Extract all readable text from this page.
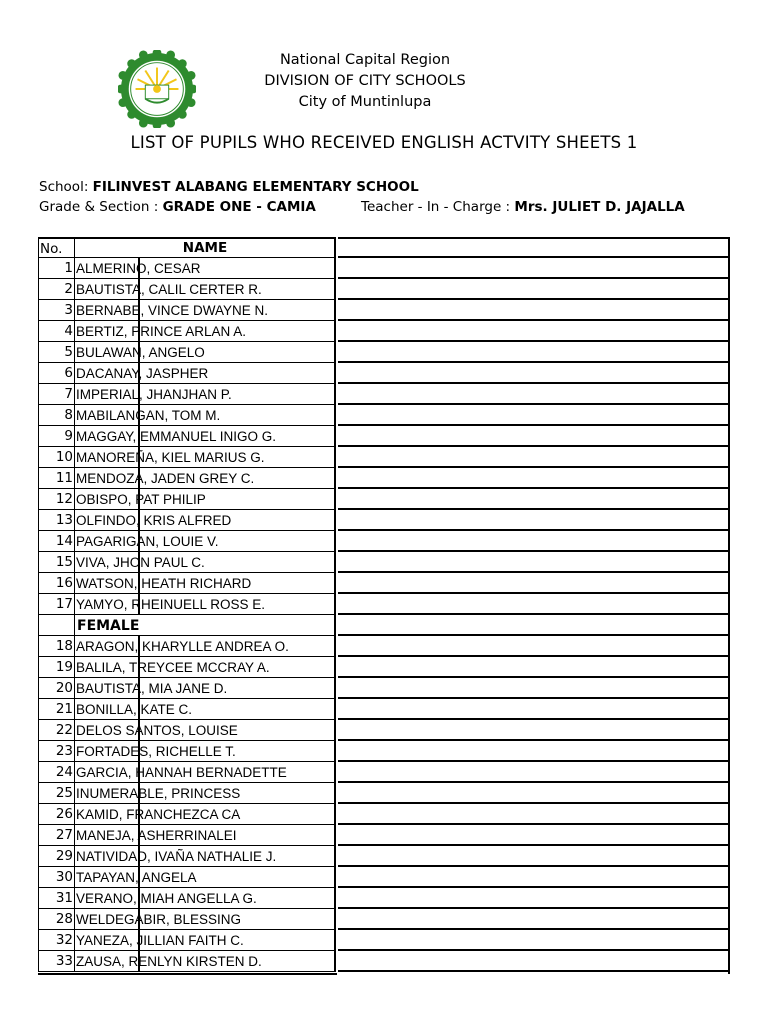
National Capital Region
DIVISION OF CITY SCHOOLS
City of Muntinlupa
LIST OF PUPILS WHO RECEIVED ENGLISH ACTVITY SHEETS 1
School: FILINVEST ALABANG ELEMENTARY SCHOOL
Grade & Section : GRADE ONE - CAMIA	Teacher - In - Charge : Mrs. JULIET D. JAJALLA
No.	NAME
1 ALMERINO, CESAR
2 BAUTISTA, CALIL CERTER R.
3 BERNABE, VINCE DWAYNE N.
4 BERTIZ, PRINCE ARLAN A.
5 BULAWAN, ANGELO
6 DACANAY, JASPHER
7 IMPERIAL, JHANJHAN P.
8 MABILANGAN, TOM M.
9 MAGGAY, EMMANUEL INIGO G.
10 MANOREÑA, KIEL MARIUS G.
11 MENDOZA, JADEN GREY C.
12 OBISPO, PAT PHILIP
13 OLFINDO, KRIS ALFRED
14 PAGARIGAN, LOUIE V.
15 VIVA, JHON PAUL C.
16 WATSON, HEATH RICHARD
17 YAMYO, RHEINUELL ROSS E.
FEMALE
18 ARAGON, KHARYLLE ANDREA O.
19 BALILA, TREYCEE MCCRAY A.
20 BAUTISTA, MIA JANE D.
21 BONILLA, KATE C.
22 DELOS SANTOS, LOUISE
23 FORTADES, RICHELLE T.
24 GARCIA, HANNAH BERNADETTE
25 INUMERABLE, PRINCESS
26 KAMID, FRANCHEZCA CA
27 MANEJA, ASHERRINALEI
29 NATIVIDAD, IVAÑA NATHALIE J.
30 TAPAYAN, ANGELA
31 VERANO, MIAH ANGELLA G.
28 WELDEGABIR, BLESSING
32 YANEZA, JILLIAN FAITH C.
33 ZAUSA, RENLYN KIRSTEN D.
